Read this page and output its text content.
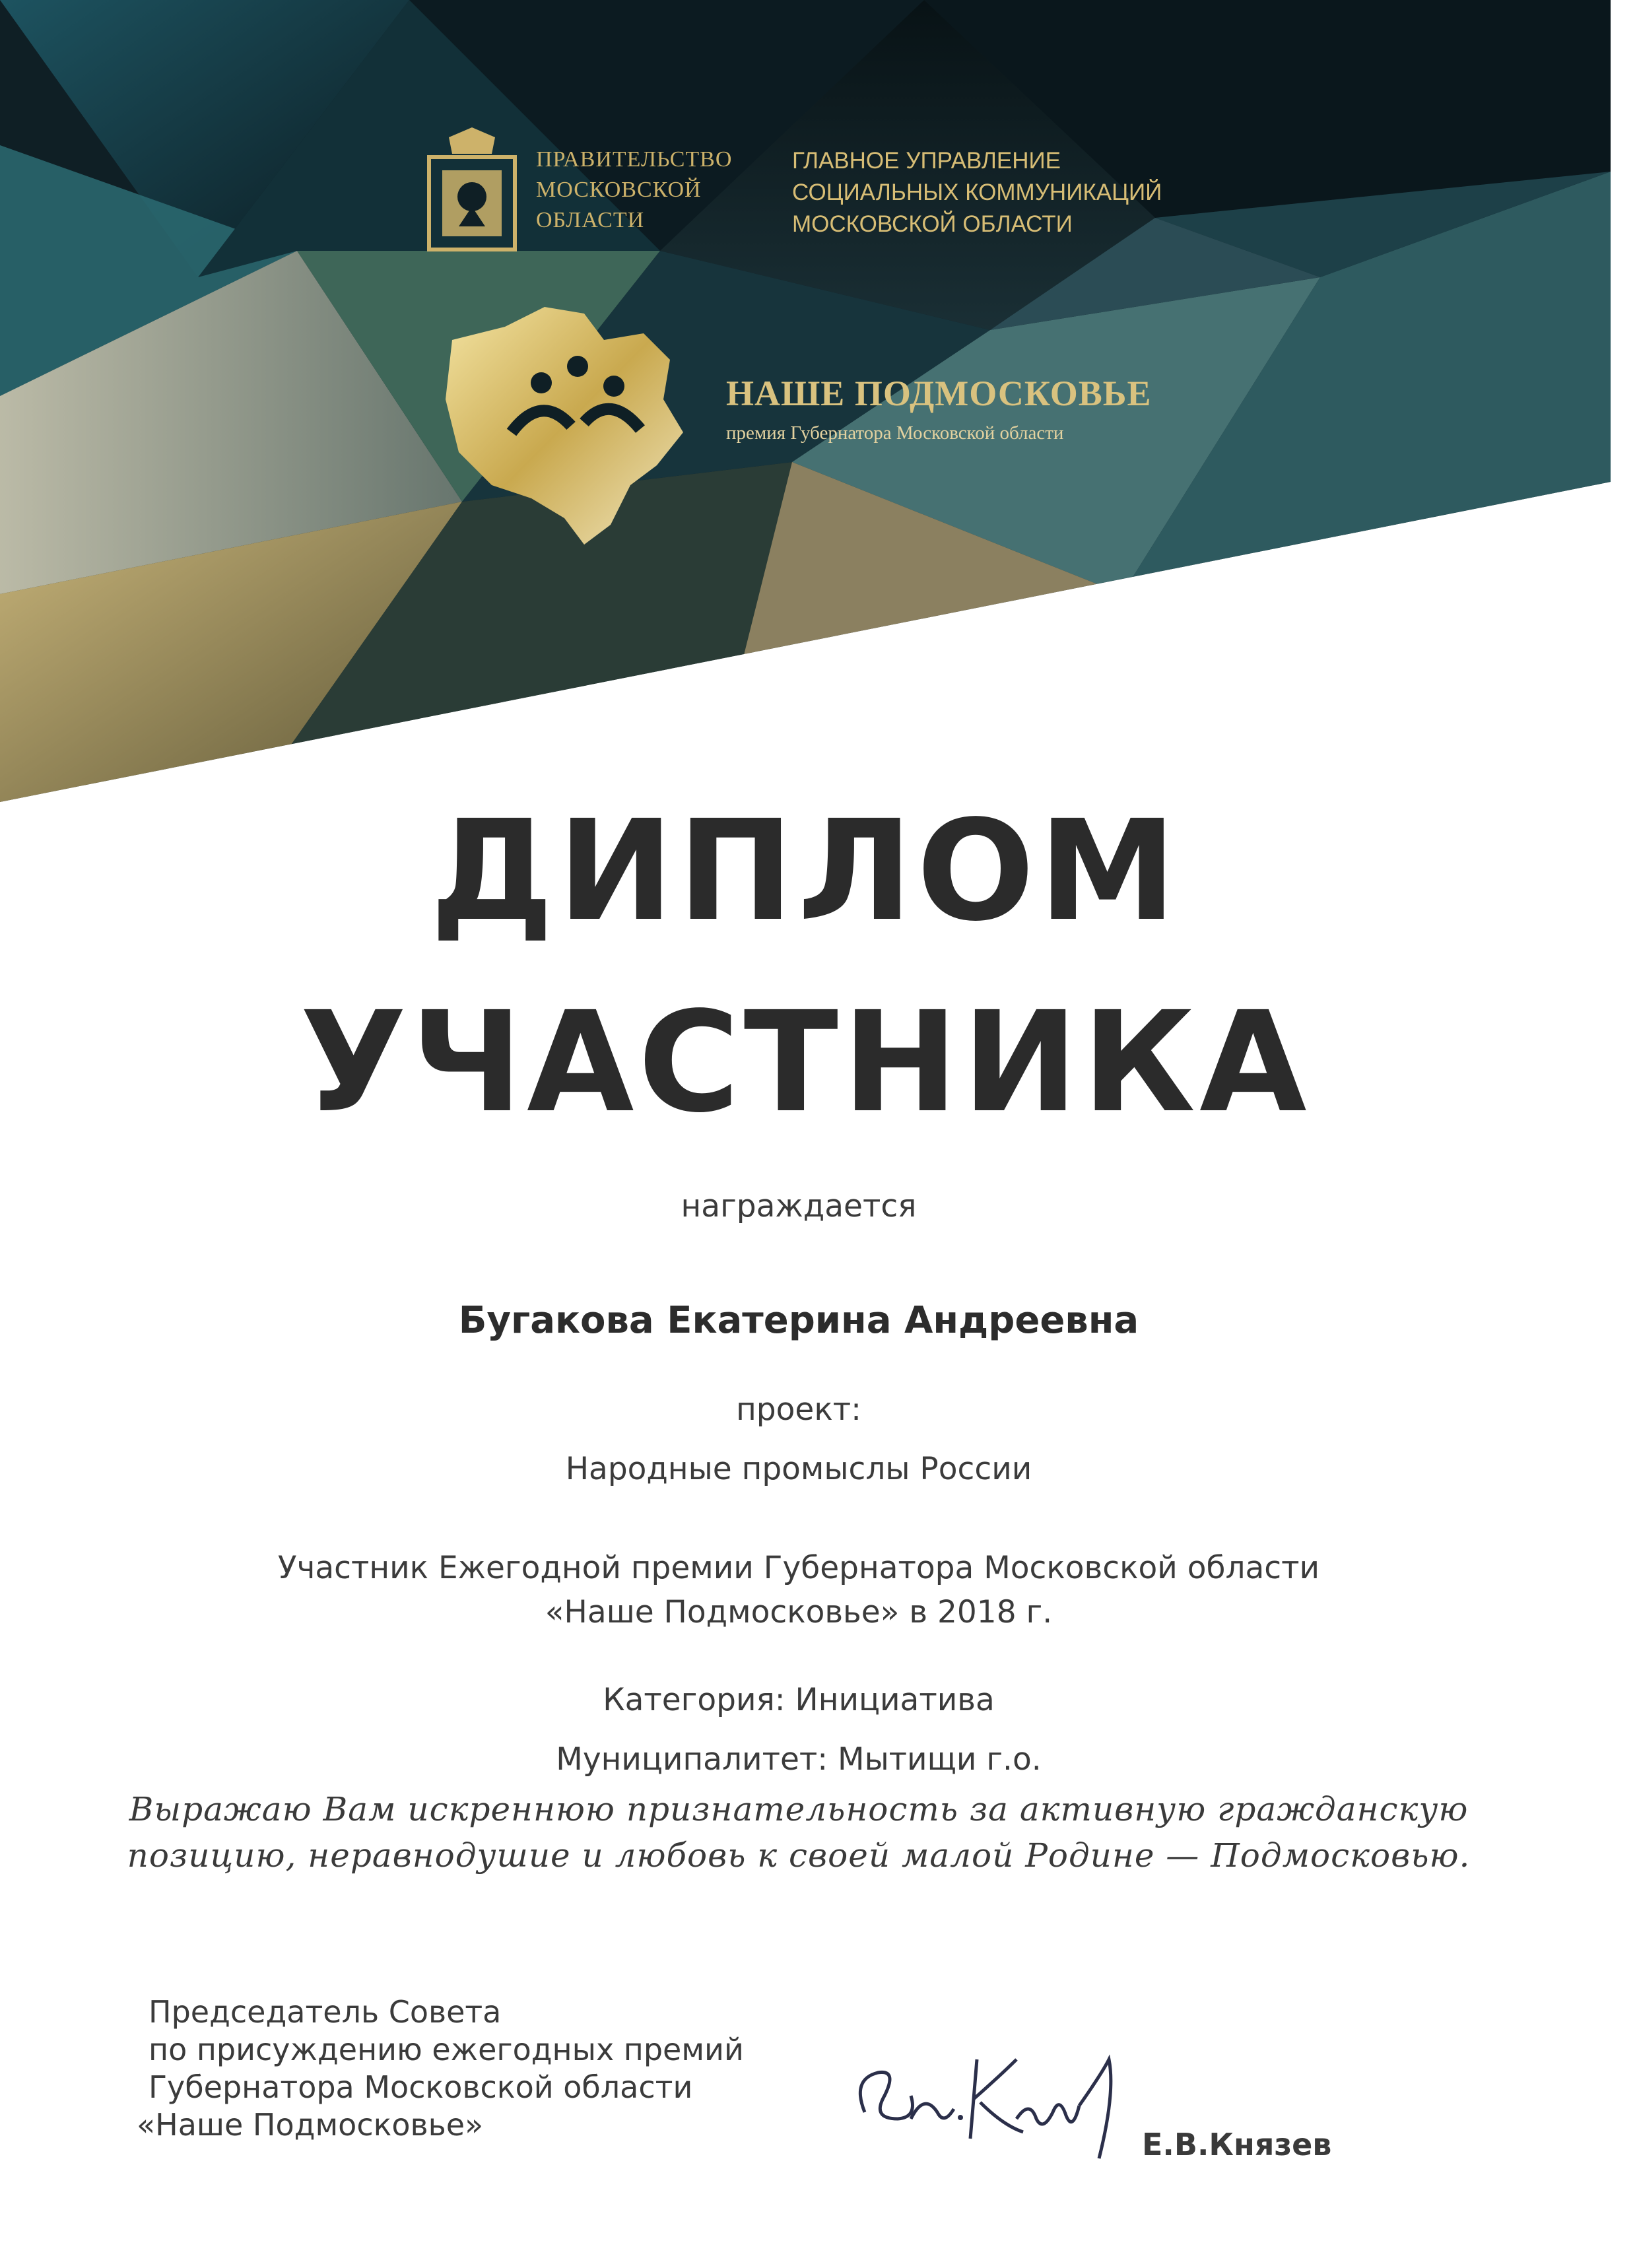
ПРАВИТЕЛЬСТВО
МОСКОВСКОЙ
ОБЛАСТИ
ГЛАВНОЕ УПРАВЛЕНИЕ
СОЦИАЛЬНЫХ КОММУНИКАЦИЙ
МОСКОВСКОЙ ОБЛАСТИ
НАШЕ ПОДМОСКОВЬЕ
премия Губернатора Московской области
ДИПЛОМ
УЧАСТНИКА
награждается
Бугакова Екатерина Андреевна
проект:
Народные промыслы России
Участник Ежегодной премии Губернатора Московской области
«Наше Подмосковье» в 2018 г.
Категория: Инициатива
Муниципалитет: Мытищи г.о.
Выражаю Вам искреннюю признательность за активную гражданскую
позицию, неравнодушие и любовь к своей малой Родине — Подмосковью.
Председатель Совета
по присуждению ежегодных премий
Губернатора Московской области
«Наше Подмосковье»
Е.В.Князев
